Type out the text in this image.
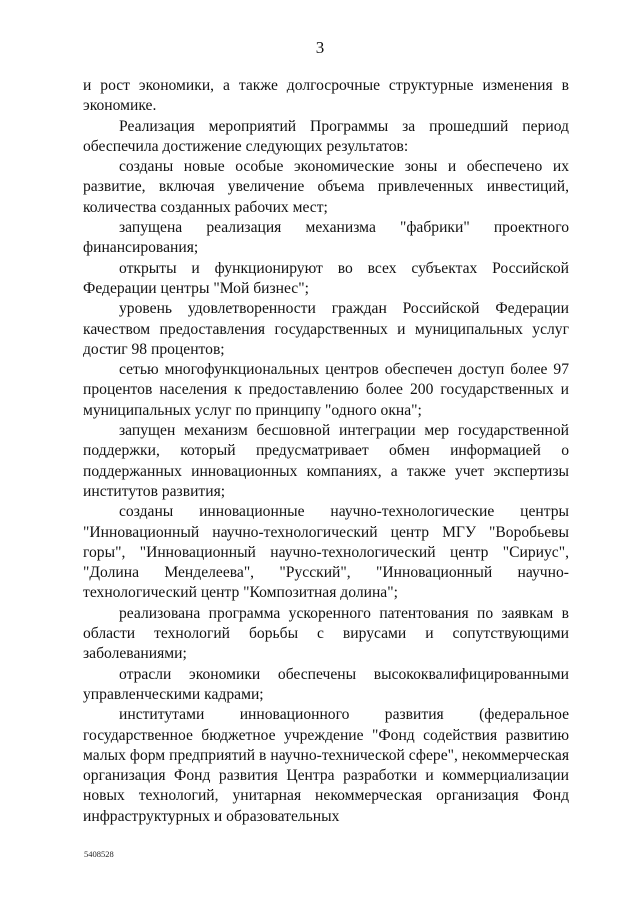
3

и рост экономики, а также долгосрочные структурные изменения в экономике.

Реализация мероприятий Программы за прошедший период обеспечила достижение следующих результатов:

созданы новые особые экономические зоны и обеспечено их развитие, включая увеличение объема привлеченных инвестиций, количества созданных рабочих мест;

запущена реализация механизма "фабрики" проектного финансирования;

открыты и функционируют во всех субъектах Российской Федерации центры "Мой бизнес";

уровень удовлетворенности граждан Российской Федерации качеством предоставления государственных и муниципальных услуг достиг 98 процентов;

сетью многофункциональных центров обеспечен доступ более 97 процентов населения к предоставлению более 200 государственных и муниципальных услуг по принципу "одного окна";

запущен механизм бесшовной интеграции мер государственной поддержки, который предусматривает обмен информацией о поддержанных инновационных компаниях, а также учет экспертизы институтов развития;

созданы инновационные научно-технологические центры "Инновационный научно-технологический центр МГУ "Воробьевы горы", "Инновационный научно-технологический центр "Сириус", "Долина Менделеева", "Русский", "Инновационный научно-технологический центр "Композитная долина";

реализована программа ускоренного патентования по заявкам в области технологий борьбы с вирусами и сопутствующими заболеваниями;

отрасли экономики обеспечены высококвалифицированными управленческими кадрами;

институтами инновационного развития (федеральное государственное бюджетное учреждение "Фонд содействия развитию малых форм предприятий в научно-технической сфере", некоммерческая организация Фонд развития Центра разработки и коммерциализации новых технологий, унитарная некоммерческая организация Фонд инфраструктурных и образовательных

5408528
